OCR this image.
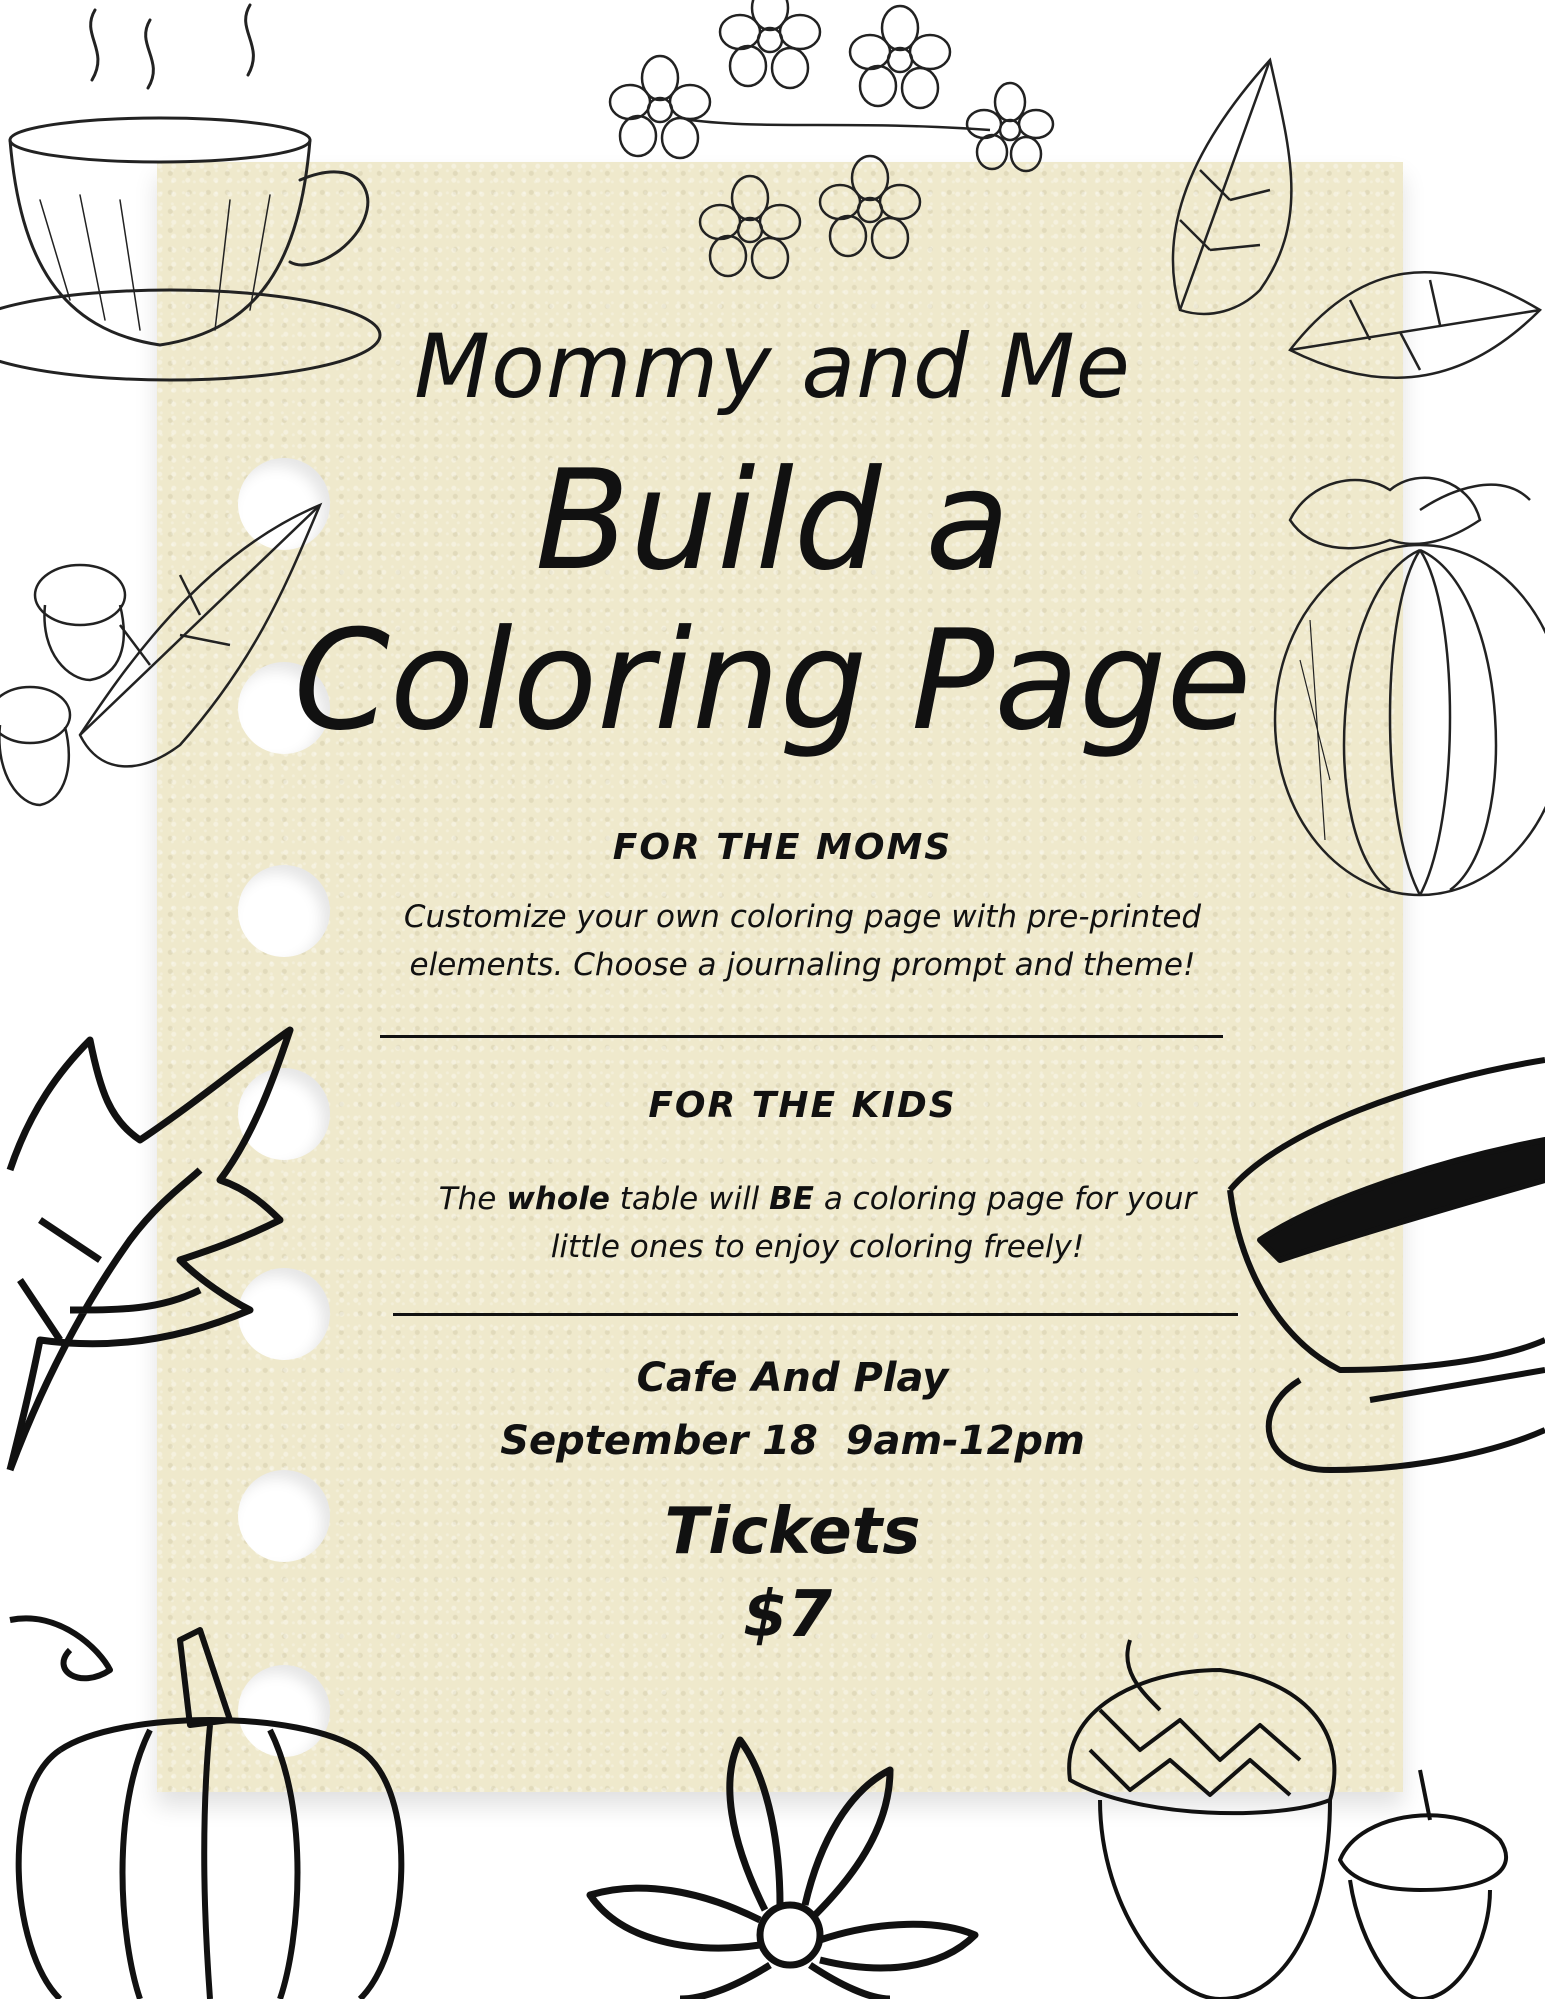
Mommy and Me
Build a
Coloring Page
FOR THE MOMS
Customize your own coloring page with pre-printed
elements. Choose a journaling prompt and theme!
FOR THE KIDS
The whole table will BE a coloring page for your
little ones to enjoy coloring freely!
Cafe And Play
September 18  9am-12pm
Tickets
$7
